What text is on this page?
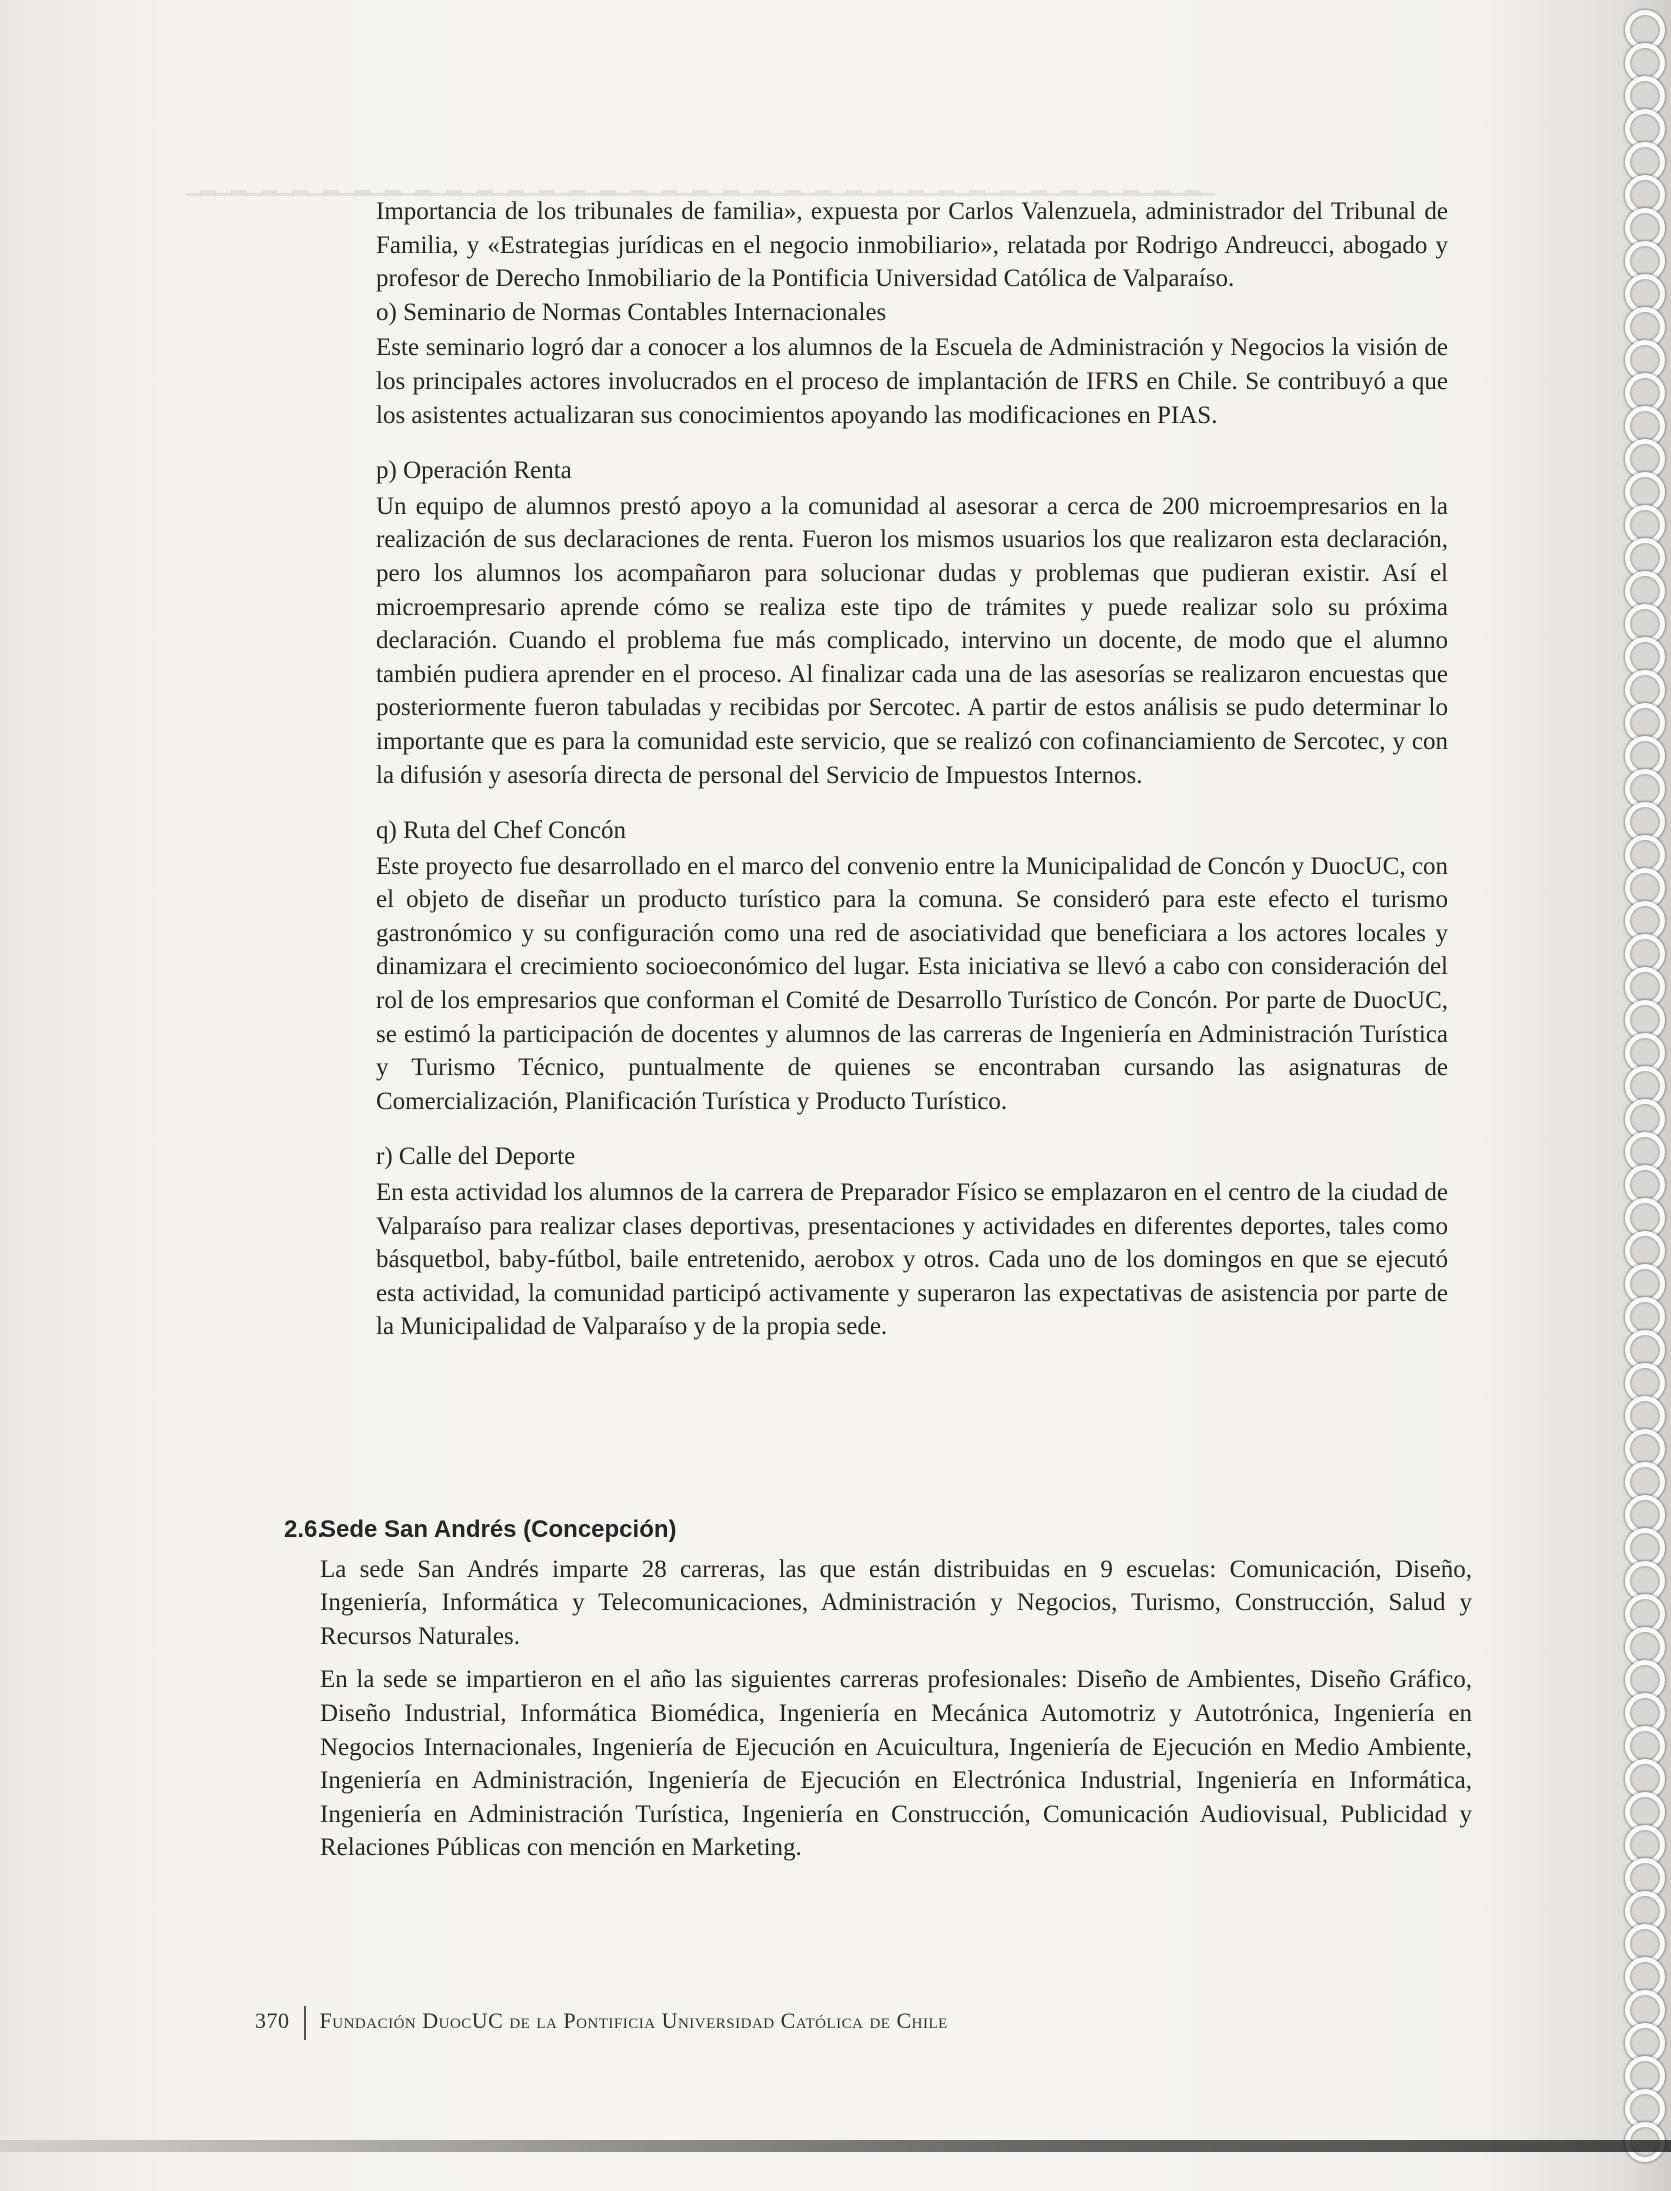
▁▂▁▂▁▂▁▂▁▂▁▂▁▂▁▂▁▂▁▂▁▂▁▂▁▂▁▂▁▂▁▂▁▂▁▂▁▂▁▂▁▂▁▂▁▂▁▂▁▂▁▂▁▂▁▂▁▂▁▂▁▂▁▂▁▂▁

Importancia de los tribunales de familia», expuesta por Carlos Valenzuela, administrador del Tribunal de Familia, y «Estrategias jurídicas en el negocio inmobiliario», relatada por Rodrigo Andreucci, abogado y profesor de Derecho Inmobiliario de la Pontificia Universidad Católica de Valparaíso.

o) Seminario de Normas Contables Internacionales

Este seminario logró dar a conocer a los alumnos de la Escuela de Administración y Negocios la visión de los principales actores involucrados en el proceso de implantación de IFRS en Chile. Se contribuyó a que los asistentes actualizaran sus conocimientos apoyando las modificaciones en PIAS.

p) Operación Renta

Un equipo de alumnos prestó apoyo a la comunidad al asesorar a cerca de 200 microempresarios en la realización de sus declaraciones de renta. Fueron los mismos usuarios los que realizaron esta declaración, pero los alumnos los acompañaron para solucionar dudas y problemas que pudieran existir. Así el microempresario aprende cómo se realiza este tipo de trámites y puede realizar solo su próxima declaración. Cuando el problema fue más complicado, intervino un docente, de modo que el alumno también pudiera aprender en el proceso. Al finalizar cada una de las asesorías se realizaron encuestas que posteriormente fueron tabuladas y recibidas por Sercotec. A partir de estos análisis se pudo determinar lo importante que es para la comunidad este servicio, que se realizó con cofinanciamiento de Sercotec, y con la difusión y asesoría directa de personal del Servicio de Impuestos Internos.

q) Ruta del Chef Concón

Este proyecto fue desarrollado en el marco del convenio entre la Municipalidad de Concón y DuocUC, con el objeto de diseñar un producto turístico para la comuna. Se consideró para este efecto el turismo gastronómico y su configuración como una red de asociatividad que beneficiara a los actores locales y dinamizara el crecimiento socioeconómico del lugar. Esta iniciativa se llevó a cabo con consideración del rol de los empresarios que conforman el Comité de Desarrollo Turístico de Concón. Por parte de DuocUC, se estimó la participación de docentes y alumnos de las carreras de Ingeniería en Administración Turística y Turismo Técnico, puntualmente de quienes se encontraban cursando las asignaturas de Comercialización, Planificación Turística y Producto Turístico.

r) Calle del Deporte

En esta actividad los alumnos de la carrera de Preparador Físico se emplazaron en el centro de la ciudad de Valparaíso para realizar clases deportivas, presentaciones y actividades en diferentes deportes, tales como básquetbol, baby-fútbol, baile entretenido, aerobox y otros. Cada uno de los domingos en que se ejecutó esta actividad, la comunidad participó activamente y superaron las expectativas de asistencia por parte de la Municipalidad de Valparaíso y de la propia sede.

2.6.Sede San Andrés (Concepción)

La sede San Andrés imparte 28 carreras, las que están distribuidas en 9 escuelas: Comunicación, Diseño, Ingeniería, Informática y Telecomunicaciones, Administración y Negocios, Turismo, Construcción, Salud y Recursos Naturales.

En la sede se impartieron en el año las siguientes carreras profesionales: Diseño de Ambientes, Diseño Gráfico, Diseño Industrial, Informática Biomédica, Ingeniería en Mecánica Automotriz y Autotrónica, Ingeniería en Negocios Internacionales, Ingeniería de Ejecución en Acuicultura, Ingeniería de Ejecución en Medio Ambiente, Ingeniería en Administración, Ingeniería de Ejecución en Electrónica Industrial, Ingeniería en Informática, Ingeniería en Administración Turística, Ingeniería en Construcción, Comunicación Audiovisual, Publicidad y Relaciones Públicas con mención en Marketing.

370 Fundación DuocUC de la Pontificia Universidad Católica de Chile
